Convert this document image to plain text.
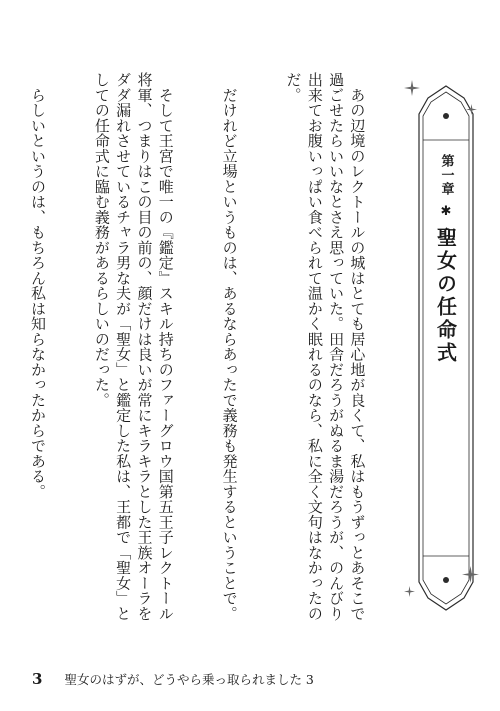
第一章
✱
聖女の任命式

　あの辺境のレクトールの城はとても居心地が良くて、私はもうずっとあそこで過ごせたらいいなとさえ思っていた。田舎だろうがぬるま湯だろうが、のんびり出来てお腹いっぱい食べられて温かく眠れるのなら、私に全く文句はなかったのだ。

　だけれど立場というものは、あるならあったで義務も発生するということで。

　そして王宮で唯一の『鑑定』スキル持ちのファーグロウ国第五王子レクトール将軍、つまりはこの目の前の、顔だけは良いが常にキラキラとした王族オーラをダダ漏れさせているチャラ男な夫が「聖女」と鑑定した私は、王都で「聖女」としての任命式に臨む義務があるらしいのだった。

　らしいというのは、もちろん私は知らなかったからである。

3 聖女のはずが、どうやら乗っ取られました 3
